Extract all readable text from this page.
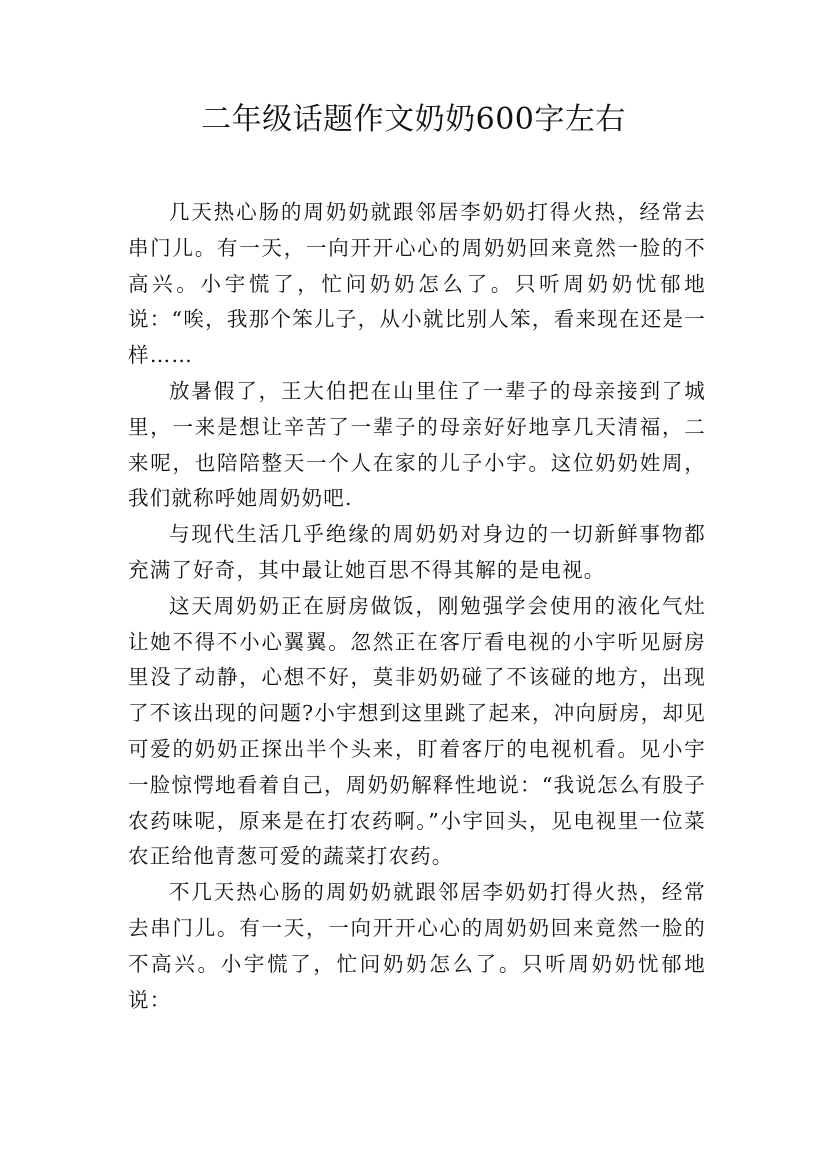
二年级话题作文奶奶600字左右

几天热心肠的周奶奶就跟邻居李奶奶打得火热，经常去串门儿。有一天，一向开开心心的周奶奶回来竟然一脸的不高兴。小宇慌了，忙问奶奶怎么了。只听周奶奶忧郁地说：“唉，我那个笨儿子，从小就比别人笨，看来现在还是一样……

放暑假了，王大伯把在山里住了一辈子的母亲接到了城里，一来是想让辛苦了一辈子的母亲好好地享几天清福，二来呢，也陪陪整天一个人在家的儿子小宇。这位奶奶姓周，我们就称呼她周奶奶吧.

与现代生活几乎绝缘的周奶奶对身边的一切新鲜事物都充满了好奇，其中最让她百思不得其解的是电视。

这天周奶奶正在厨房做饭，刚勉强学会使用的液化气灶让她不得不小心翼翼。忽然正在客厅看电视的小宇听见厨房里没了动静，心想不好，莫非奶奶碰了不该碰的地方，出现了不该出现的问题?小宇想到这里跳了起来，冲向厨房，却见可爱的奶奶正探出半个头来，盯着客厅的电视机看。见小宇一脸惊愕地看着自己，周奶奶解释性地说：“我说怎么有股子农药味呢，原来是在打农药啊。”小宇回头，见电视里一位菜农正给他青葱可爱的蔬菜打农药。

不几天热心肠的周奶奶就跟邻居李奶奶打得火热，经常去串门儿。有一天，一向开开心心的周奶奶回来竟然一脸的不高兴。小宇慌了，忙问奶奶怎么了。只听周奶奶忧郁地说：
